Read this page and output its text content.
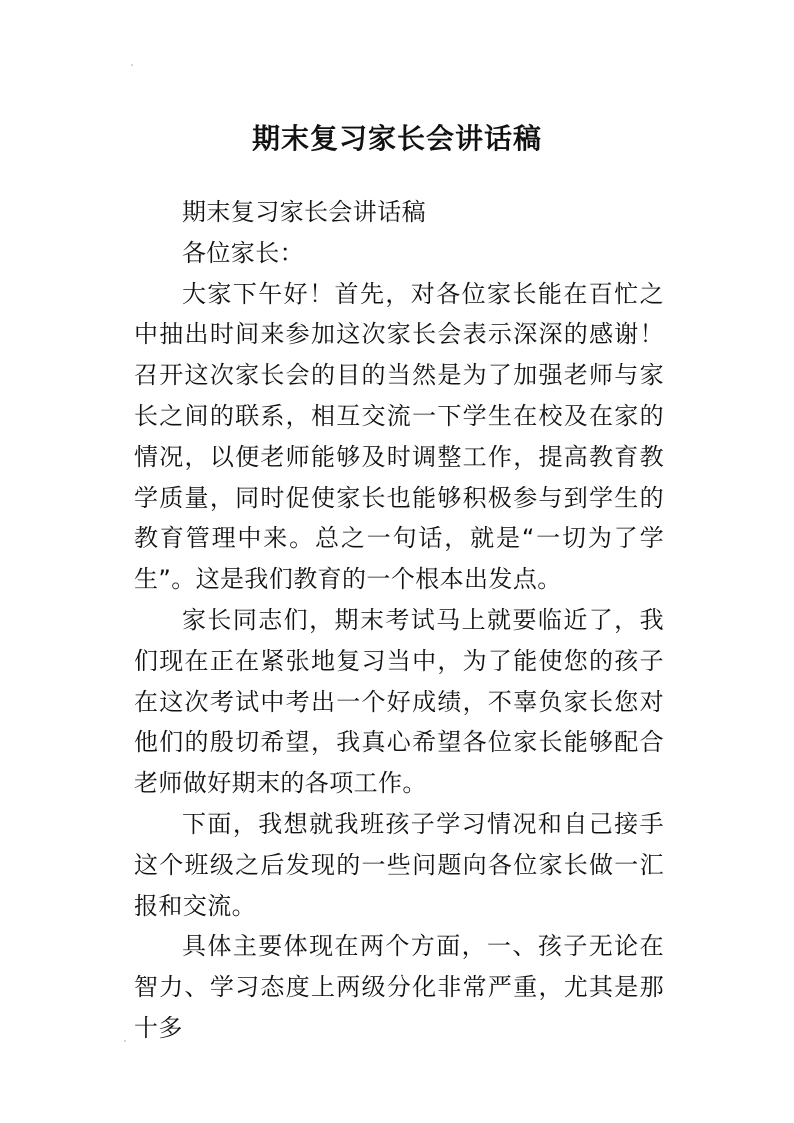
期末复习家长会讲话稿

期末复习家长会讲话稿

各位家长：

大家下午好！首先，对各位家长能在百忙之中抽出时间来参加这次家长会表示深深的感谢！召开这次家长会的目的当然是为了加强老师与家长之间的联系，相互交流一下学生在校及在家的情况，以便老师能够及时调整工作，提高教育教学质量，同时促使家长也能够积极参与到学生的教育管理中来。总之一句话，就是“一切为了学生”。这是我们教育的一个根本出发点。

家长同志们，期末考试马上就要临近了，我们现在正在紧张地复习当中，为了能使您的孩子在这次考试中考出一个好成绩，不辜负家长您对他们的殷切希望，我真心希望各位家长能够配合老师做好期末的各项工作。

下面，我想就我班孩子学习情况和自己接手这个班级之后发现的一些问题向各位家长做一汇报和交流。

具体主要体现在两个方面，一、孩子无论在智力、学习态度上两级分化非常严重，尤其是那十多
